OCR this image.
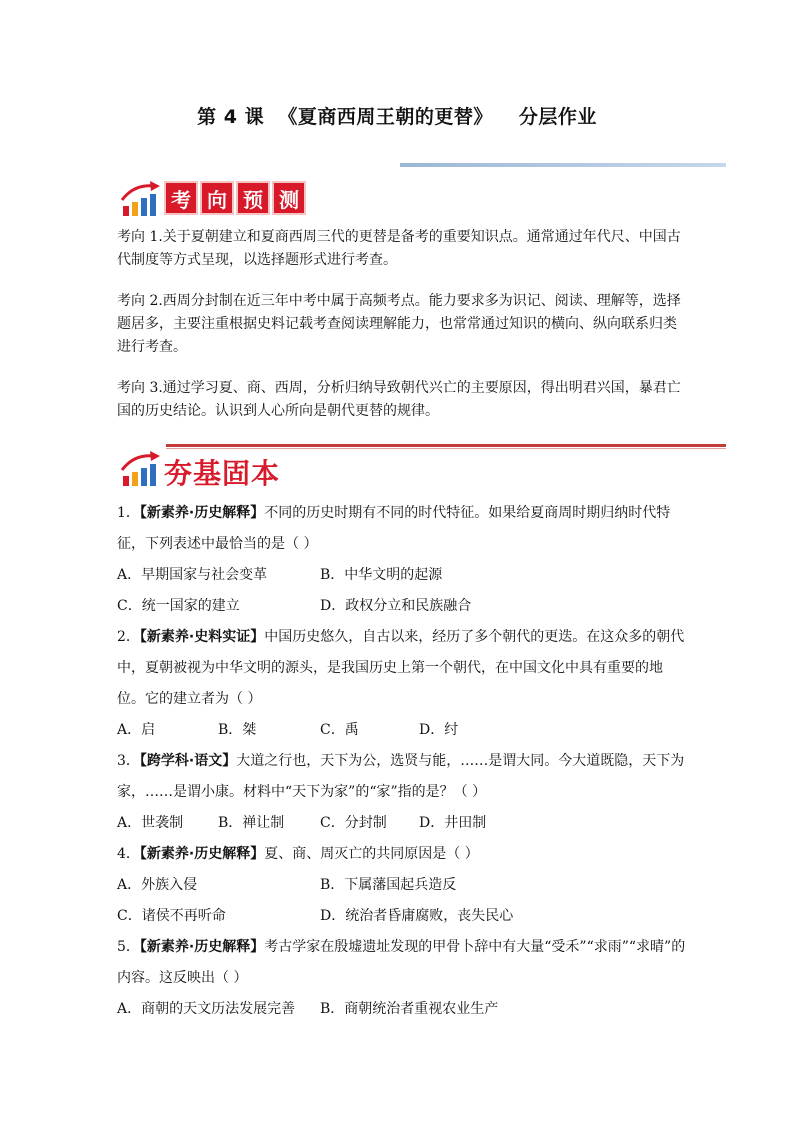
第 4 课 《夏商西周王朝的更替》 分层作业
考 向 预 测
考向 1.关于夏朝建立和夏商西周三代的更替是备考的重要知识点。通常通过年代尺、中国古代制度等方式呈现，以选择题形式进行考查。
考向 2.西周分封制在近三年中考中属于高频考点。能力要求多为识记、阅读、理解等，选择题居多，主要注重根据史料记载考查阅读理解能力，也常常通过知识的横向、纵向联系归类进行考查。
考向 3.通过学习夏、商、西周，分析归纳导致朝代兴亡的主要原因，得出明君兴国，暴君亡国的历史结论。认识到人心所向是朝代更替的规律。
夯基固本
1．【新素养·历史解释】不同的历史时期有不同的时代特征。如果给夏商周时期归纳时代特征，下列表述中最恰当的是（ ）
A．早期国家与社会变革	B．中华文明的起源
C．统一国家的建立	D．政权分立和民族融合
2．【新素养·史料实证】中国历史悠久，自古以来，经历了多个朝代的更迭。在这众多的朝代中，夏朝被视为中华文明的源头，是我国历史上第一个朝代，在中国文化中具有重要的地位。它的建立者为（ ）
A．启	B．桀	C．禹	D．纣
3．【跨学科·语文】大道之行也，天下为公，选贤与能，……是谓大同。今大道既隐，天下为家，……是谓小康。材料中“天下为家”的“家”指的是？（ ）
A．世袭制 B．禅让制	C．分封制 D．井田制
4．【新素养·历史解释】夏、商、周灭亡的共同原因是（ ）
A．外族入侵	B．下属藩国起兵造反
C．诸侯不再听命	D．统治者昏庸腐败，丧失民心
5．【新素养·历史解释】考古学家在殷墟遗址发现的甲骨卜辞中有大量“受禾”“求雨”“求晴”的内容。这反映出（ ）
A．商朝的天文历法发展完善 B．商朝统治者重视农业生产
